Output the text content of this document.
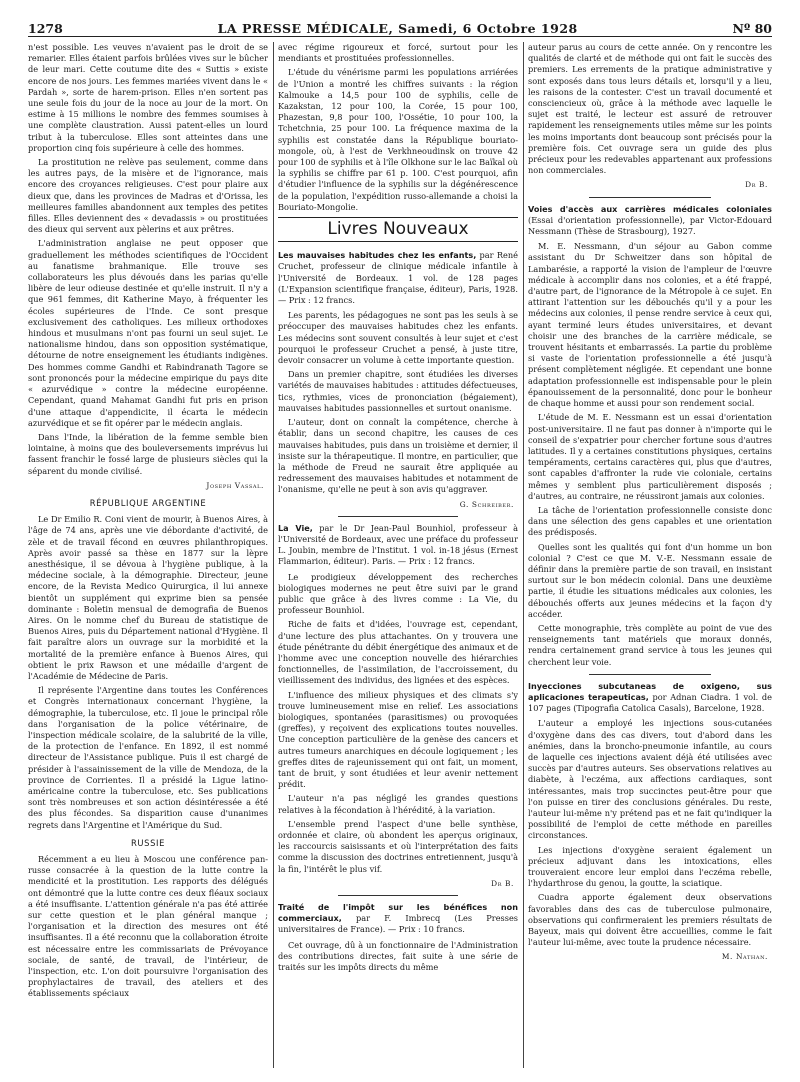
1278	LA PRESSE MÉDICALE, Samedi, 6 Octobre 1928	Nº 80

n'est possible. Les veuves n'avaient pas le droit de se remarier. Elles étaient parfois brûlées vives sur le bûcher de leur mari. Cette coutume dite des « Suttis » existe encore de nos jours. Les femmes mariées vivent dans le « Pardah », sorte de harem-prison. Elles n'en sortent pas une seule fois du jour de la noce au jour de la mort. On estime à 15 millions le nombre des femmes soumises à une complète claustration. Aussi patent-elles un lourd tribut à la tuberculose. Elles sont atteintes dans une proportion cinq fois supérieure à celle des hommes.

La prostitution ne relève pas seulement, comme dans les autres pays, de la misère et de l'ignorance, mais encore des croyances religieuses. C'est pour plaire aux dieux que, dans les provinces de Madras et d'Orissa, les meilleures familles abandonnent aux temples des petites filles. Elles deviennent des « devadassis » ou prostituées des dieux qui servent aux pèlerins et aux prêtres.

L'administration anglaise ne peut opposer que graduellement les méthodes scientifiques de l'Occident au fanatisme brahmanique. Elle trouve ses collaborateurs les plus dévoués dans les parias qu'elle libère de leur odieuse destinée et qu'elle instruit. Il n'y a que 961 femmes, dit Katherine Mayo, à fréquenter les écoles supérieures de l'Inde. Ce sont presque exclusivement des catholiques. Les milieux orthodoxes hindous et musulmans n'ont pas fourni un seul sujet. Le nationalisme hindou, dans son opposition systématique, détourne de notre enseignement les étudiants indigènes. Des hommes comme Gandhi et Rabindranath Tagore se sont prononcés pour la médecine empirique du pays dite « azurvédique » contre la médecine européenne. Cependant, quand Mahamat Gandhi fut pris en prison d'une attaque d'appendicite, il écarta le médecin azurvédique et se fit opérer par le médecin anglais.

Dans l'Inde, la libération de la femme semble bien lointaine, à moins que des bouleversements imprévus lui fassent franchir le fossé large de plusieurs siècles qui la séparent du monde civilisé.

Joseph Vassal.
RÉPUBLIQUE ARGENTINE

Le Dr Emilio R. Coni vient de mourir, à Buenos Aires, à l'âge de 74 ans, après une vie débordante d'activité, de zèle et de travail fécond en œuvres philanthropiques. Après avoir passé sa thèse en 1877 sur la lèpre anesthésique, il se dévoua à l'hygiène publique, à la médecine sociale, à la démographie. Directeur, jeune encore, de la Revista Medico Quirurgica, il lui annexe bientôt un supplément qui exprime bien sa pensée dominante : Boletin mensual de demografia de Buenos Aires. On le nomme chef du Bureau de statistique de Buenos Aires, puis du Département national d'Hygiène. Il fait paraître alors un ouvrage sur la morbidité et la mortalité de la première enfance à Buenos Aires, qui obtient le prix Rawson et une médaille d'argent de l'Académie de Médecine de Paris.

Il représente l'Argentine dans toutes les Conférences et Congrès internationaux concernant l'hygiène, la démographie, la tuberculose, etc. Il joue le principal rôle dans l'organisation de la police vétérinaire, de l'inspection médicale scolaire, de la salubrité de la ville, de la protection de l'enfance. En 1892, il est nommé directeur de l'Assistance publique. Puis il est chargé de présider à l'assainissement de la ville de Mendoza, de la province de Corrientes. Il a présidé la Ligue latino-américaine contre la tuberculose, etc. Ses publications sont très nombreuses et son action désintéressée a été des plus fécondes. Sa disparition cause d'unanimes regrets dans l'Argentine et l'Amérique du Sud.

RUSSIE

Récemment a eu lieu à Moscou une conférence pan-russe consacrée à la question de la lutte contre la mendicité et la prostitution. Les rapports des délégués ont démontré que la lutte contre ces deux fléaux sociaux a été insuffisante. L'attention générale n'a pas été attirée sur cette question et le plan général manque ; l'organisation et la direction des mesures ont été insuffisantes. Il a été reconnu que la collaboration étroite est nécessaire entre les commissariats de Prévoyance sociale, de santé, de travail, de l'intérieur, de l'inspection, etc. L'on doit poursuivre l'organisation des prophylactaires de travail, des ateliers et des établissements spéciaux

avec régime rigoureux et forcé, surtout pour les mendiants et prostituées professionnelles.

L'étude du vénérisme parmi les populations arriérées de l'Union a montré les chiffres suivants : la région Kalmouke a 14,5 pour 100 de syphilis, celle de Kazakstan, 12 pour 100, la Corée, 15 pour 100, Phazestan, 9,8 pour 100, l'Ossétie, 10 pour 100, la Tchetchnia, 25 pour 100. La fréquence maxima de la syphilis est constatée dans la République bouriato-mongole, où, à l'est de Verkhneoudinsk on trouve 42 pour 100 de syphilis et à l'île Olkhone sur le lac Baïkal où la syphilis se chiffre par 61 p. 100. C'est pourquoi, afin d'étudier l'influence de la syphilis sur la dégénérescence de la population, l'expédition russo-allemande a choisi la Bouriato-Mongolie.

Livres Nouveaux

Les mauvaises habitudes chez les enfants, par René Cruchet, professeur de clinique médicale infantile à l'Université de Bordeaux. 1 vol. de 128 pages (L'Expansion scientifique française, éditeur), Paris, 1928. — Prix : 12 francs.

Les parents, les pédagogues ne sont pas les seuls à se préoccuper des mauvaises habitudes chez les enfants. Les médecins sont souvent consultés à leur sujet et c'est pourquoi le professeur Cruchet a pensé, à juste titre, devoir consacrer un volume à cette importante question.

Dans un premier chapitre, sont étudiées les diverses variétés de mauvaises habitudes : attitudes défectueuses, tics, rythmies, vices de prononciation (bégaiement), mauvaises habitudes passionnelles et surtout onanisme.

L'auteur, dont on connaît la compétence, cherche à établir, dans un second chapitre, les causes de ces mauvaises habitudes, puis dans un troisième et dernier, il insiste sur la thérapeutique. Il montre, en particulier, que la méthode de Freud ne saurait être appliquée au redressement des mauvaises habitudes et notamment de l'onanisme, qu'elle ne peut à son avis qu'aggraver.

G. Schreiber.

La Vie, par le Dr Jean-Paul Bounhiol, professeur à l'Université de Bordeaux, avec une préface du professeur L. Joubin, membre de l'Institut. 1 vol. in-18 jésus (Ernest Flammarion, éditeur). Paris. — Prix : 12 francs.

Le prodigieux développement des recherches biologiques modernes ne peut être suivi par le grand public que grâce à des livres comme : La Vie, du professeur Bounhiol.

Riche de faits et d'idées, l'ouvrage est, cependant, d'une lecture des plus attachantes. On y trouvera une étude pénétrante du débit énergétique des animaux et de l'homme avec une conception nouvelle des hiérarchies fonctionnelles, de l'assimilation, de l'accroissement, du vieillissement des individus, des lignées et des espèces.

L'influence des milieux physiques et des climats s'y trouve lumineusement mise en relief. Les associations biologiques, spontanées (parasitismes) ou provoquées (greffes), y reçoivent des explications toutes nouvelles. Une conception particulière de la genèse des cancers et autres tumeurs anarchiques en découle logiquement ; les greffes dites de rajeunissement qui ont fait, un moment, tant de bruit, y sont étudiées et leur avenir nettement prédit.

L'auteur n'a pas négligé les grandes questions relatives à la fécondation à l'hérédité, à la variation.

L'ensemble prend l'aspect d'une belle synthèse, ordonnée et claire, où abondent les aperçus originaux, les raccourcis saisissants et où l'interprétation des faits comme la discussion des doctrines entretiennent, jusqu'à la fin, l'intérêt le plus vif.

Dr B.

Traité de l'impôt sur les bénéfices non commerciaux, par F. Imbrecq (Les Presses universitaires de France). — Prix : 10 francs.

Cet ouvrage, dû à un fonctionnaire de l'Administration des contributions directes, fait suite à une série de traités sur les impôts directs du même

auteur parus au cours de cette année. On y rencontre les qualités de clarté et de méthode qui ont fait le succès des premiers. Les errements de la pratique administrative y sont exposés dans tous leurs détails et, lorsqu'il y a lieu, les raisons de la contester. C'est un travail documenté et consciencieux où, grâce à la méthode avec laquelle le sujet est traité, le lecteur est assuré de retrouver rapidement les renseignements utiles même sur les points les moins importants dont beaucoup sont précisés pour la première fois. Cet ouvrage sera un guide des plus précieux pour les redevables appartenant aux professions non commerciales.

Dr B.

Voies d'accès aux carrières médicales coloniales (Essai d'orientation professionnelle), par Victor-Edouard Nessmann (Thèse de Strasbourg), 1927.

M. E. Nessmann, d'un séjour au Gabon comme assistant du Dr Schweitzer dans son hôpital de Lambarésie, a rapporté la vision de l'ampleur de l'œuvre médicale à accomplir dans nos colonies, et a été frappé, d'autre part, de l'ignorance de la Métropole à ce sujet. En attirant l'attention sur les débouchés qu'il y a pour les médecins aux colonies, il pense rendre service à ceux qui, ayant terminé leurs études universitaires, et devant choisir une des branches de la carrière médicale, se trouvent hésitants et embarrassés. La partie du problème si vaste de l'orientation professionnelle a été jusqu'à présent complètement négligée. Et cependant une bonne adaptation professionnelle est indispensable pour le plein épanouissement de la personnalité, donc pour le bonheur de chaque homme et aussi pour son rendement social.

L'étude de M. E. Nessmann est un essai d'orientation post-universitaire. Il ne faut pas donner à n'importe qui le conseil de s'expatrier pour chercher fortune sous d'autres latitudes. Il y a certaines constitutions physiques, certains tempéraments, certains caractères qui, plus que d'autres, sont capables d'affronter la rude vie coloniale, certains mêmes y semblent plus particulièrement disposés ; d'autres, au contraire, ne réussiront jamais aux colonies.

La tâche de l'orientation professionnelle consiste donc dans une sélection des gens capables et une orientation des prédisposés.

Quelles sont les qualités qui font d'un homme un bon colonial ? C'est ce que M. V.-E. Nessmann essaie de définir dans la première partie de son travail, en insistant surtout sur le bon médecin colonial. Dans une deuxième partie, il étudie les situations médicales aux colonies, les débouchés offerts aux jeunes médecins et la façon d'y accéder.

Cette monographie, très complète au point de vue des renseignements tant matériels que moraux donnés, rendra certainement grand service à tous les jeunes qui cherchent leur voie.

Inyecciones subcutaneas de oxigeno, sus aplicaciones terapeuticas, por Adnan Ciadra. 1 vol. de 107 pages (Tipografia Catolica Casals), Barcelone, 1928.

L'auteur a employé les injections sous-cutanées d'oxygène dans des cas divers, tout d'abord dans les anémies, dans la broncho-pneumonie infantile, au cours de laquelle ces injections avaient déjà été utilisées avec succès par d'autres auteurs. Ses observations relatives au diabète, à l'eczéma, aux affections cardiaques, sont intéressantes, mais trop succinctes peut-être pour que l'on puisse en tirer des conclusions générales. Du reste, l'auteur lui-même n'y prétend pas et ne fait qu'indiquer la possibilité de l'emploi de cette méthode en pareilles circonstances.

Les injections d'oxygène seraient également un précieux adjuvant dans les intoxications, elles trouveraient encore leur emploi dans l'eczéma rebelle, l'hydarthrose du genou, la goutte, la sciatique.

Cuadra apporte également deux observations favorables dans des cas de tuberculose pulmonaire, observations qui confirmeraient les premiers résultats de Bayeux, mais qui doivent être accueillies, comme le fait l'auteur lui-même, avec toute la prudence nécessaire.

M. Nathan.
